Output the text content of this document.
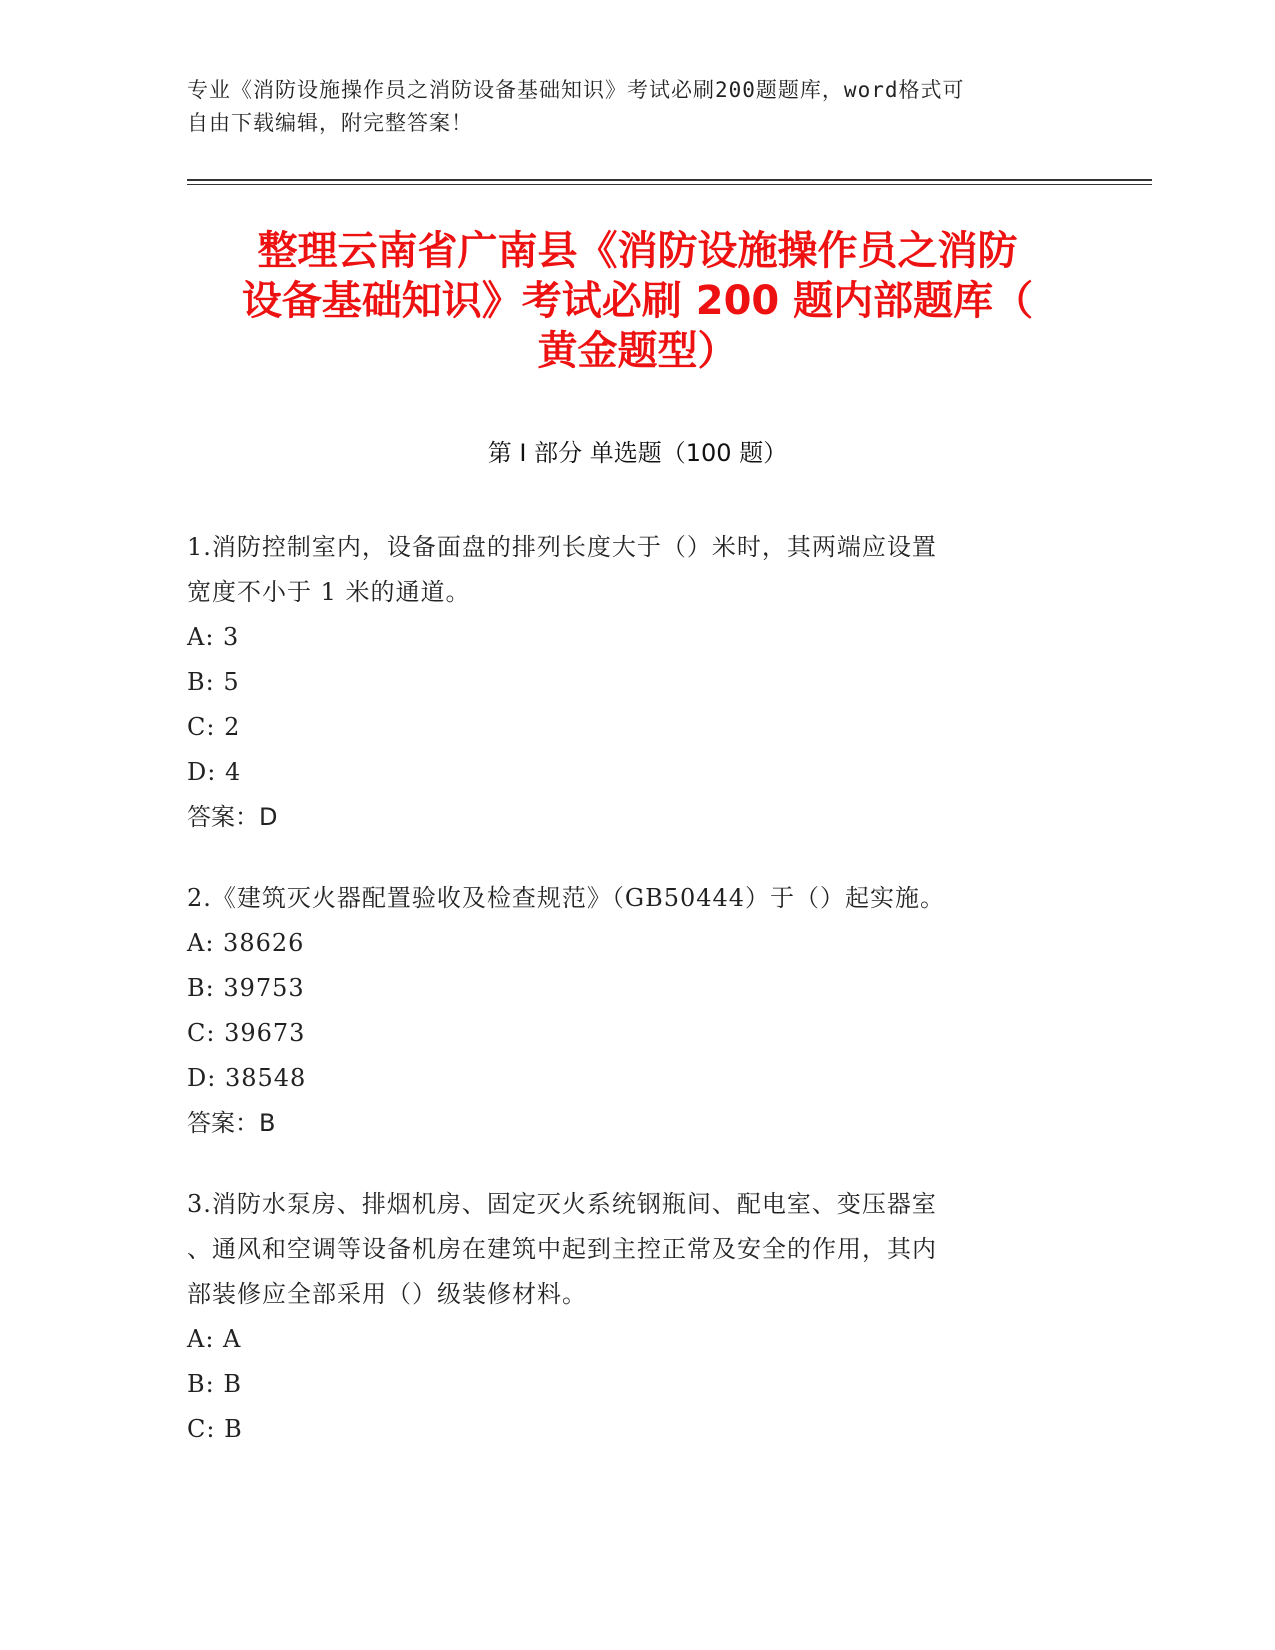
专业《消防设施操作员之消防设备基础知识》考试必刷200题题库，word格式可
自由下载编辑，附完整答案！
整理云南省广南县《消防设施操作员之消防
设备基础知识》考试必刷 200 题内部题库（
黄金题型）
第 I 部分 单选题（100 题）

1.消防控制室内，设备面盘的排列长度大于（）米时，其两端应设置

宽度不小于 1 米的通道。

A: 3

B: 5

C: 2

D: 4

答案：D

2.《建筑灭火器配置验收及检查规范》（GB50444）于（）起实施。

A: 38626

B: 39753

C: 39673

D: 38548

答案：B

3.消防水泵房、排烟机房、固定灭火系统钢瓶间、配电室、变压器室

、通风和空调等设备机房在建筑中起到主控正常及安全的作用，其内

部装修应全部采用（）级装修材料。

A: A

B: B

C: B
